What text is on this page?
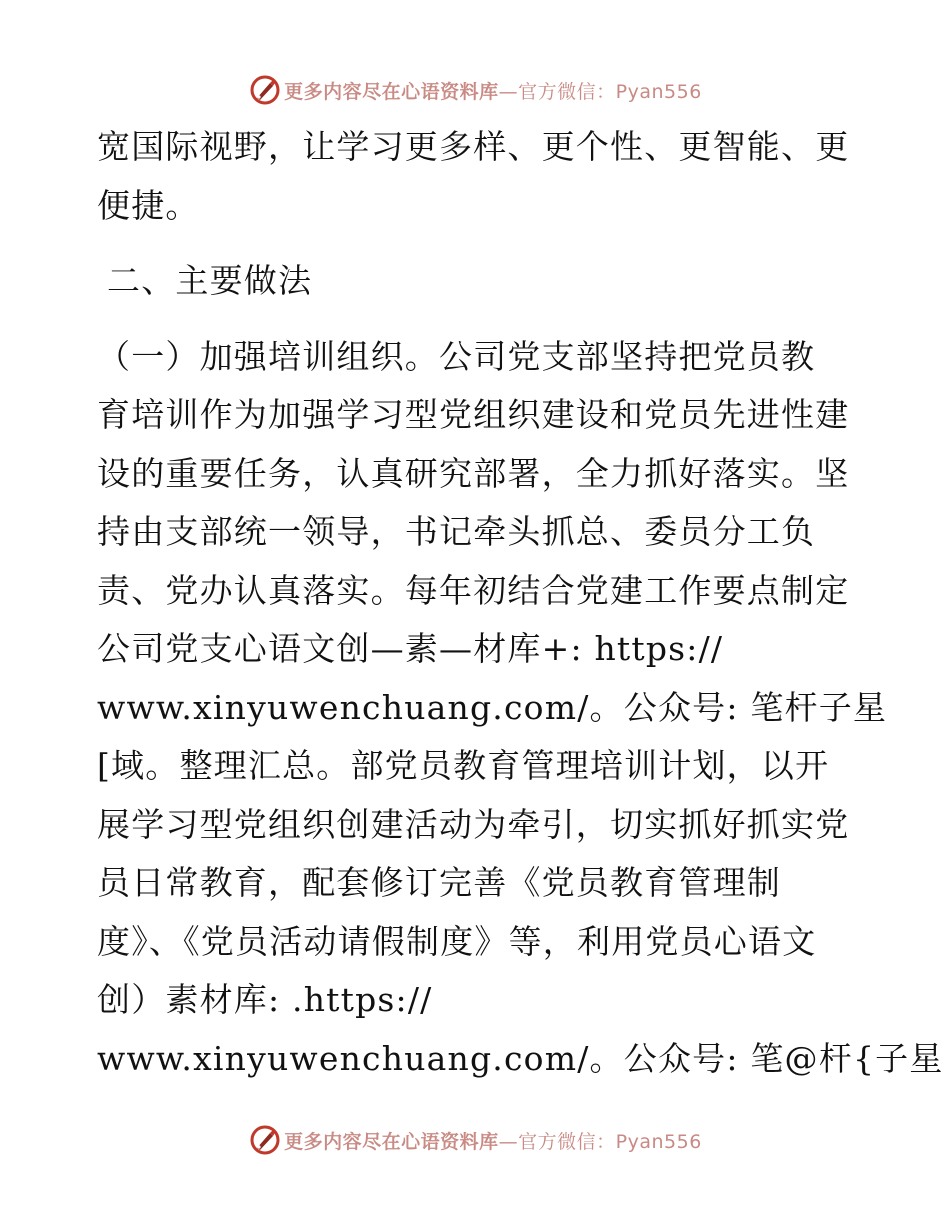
更多内容尽在心语资料库—官方微信：Pyan556

宽国际视野，让学习更多样、更个性、更智能、更

便捷。

二、主要做法

（一）加强培训组织。公司党支部坚持把党员教

育培训作为加强学习型党组织建设和党员先进性建

设的重要任务，认真研究部署，全力抓好落实。坚

持由支部统一领导，书记牵头抓总、委员分工负

责、党办认真落实。每年初结合党建工作要点制定

公司党支心语文创—素—材库+: https://

www.xinyuwenchuang.com/。公众号: 笔杆子星

[域。整理汇总。部党员教育管理培训计划，以开

展学习型党组织创建活动为牵引，切实抓好抓实党

员日常教育，配套修订完善《党员教育管理制

度》、《党员活动请假制度》等，利用党员心语文

创）素材库: .https://

www.xinyuwenchuang.com/。公众号: 笔@杆{子星

更多内容尽在心语资料库—官方微信：Pyan556
